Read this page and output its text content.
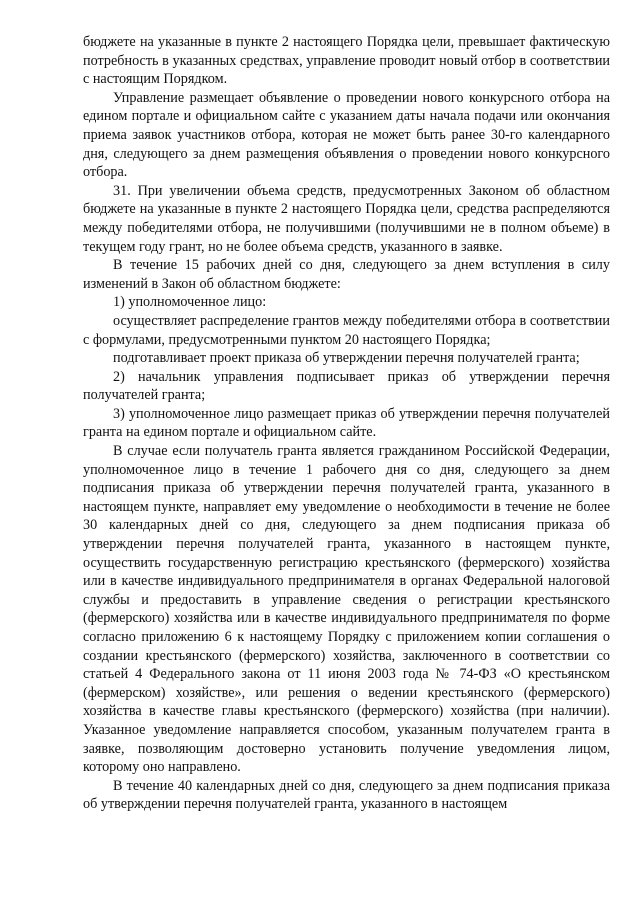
бюджете на указанные в пункте 2 настоящего Порядка цели, превышает фактическую потребность в указанных средствах, управление проводит новый отбор в соответствии с настоящим Порядком.

Управление размещает объявление о проведении нового конкурсного отбора на едином портале и официальном сайте с указанием даты начала подачи или окончания приема заявок участников отбора, которая не может быть ранее 30-го календарного дня, следующего за днем размещения объявления о проведении нового конкурсного отбора.

31. При увеличении объема средств, предусмотренных Законом об областном бюджете на указанные в пункте 2 настоящего Порядка цели, средства распределяются между победителями отбора, не получившими (получившими не в полном объеме) в текущем году грант, но не более объема средств, указанного в заявке.

В течение 15 рабочих дней со дня, следующего за днем вступления в силу изменений в Закон об областном бюджете:

1) уполномоченное лицо:

осуществляет распределение грантов между победителями отбора в соответствии с формулами, предусмотренными пунктом 20 настоящего Порядка;

подготавливает проект приказа об утверждении перечня получателей гранта;

2) начальник управления подписывает приказ об утверждении перечня получателей гранта;

3) уполномоченное лицо размещает приказ об утверждении перечня получателей гранта на едином портале и официальном сайте.

В случае если получатель гранта является гражданином Российской Федерации, уполномоченное лицо в течение 1 рабочего дня со дня, следующего за днем подписания приказа об утверждении перечня получателей гранта, указанного в настоящем пункте, направляет ему уведомление о необходимости в течение не более 30 календарных дней со дня, следующего за днем подписания приказа об утверждении перечня получателей гранта, указанного в настоящем пункте, осуществить государственную регистрацию крестьянского (фермерского) хозяйства или в качестве индивидуального предпринимателя в органах Федеральной налоговой службы и предоставить в управление сведения о регистрации крестьянского (фермерского) хозяйства или в качестве индивидуального предпринимателя по форме согласно приложению 6 к настоящему Порядку с приложением копии соглашения о создании крестьянского (фермерского) хозяйства, заключенного в соответствии со статьей 4 Федерального закона от 11 июня 2003 года № 74-ФЗ «О крестьянском (фермерском) хозяйстве», или решения о ведении крестьянского (фермерского) хозяйства в качестве главы крестьянского (фермерского) хозяйства (при наличии). Указанное уведомление направляется способом, указанным получателем гранта в заявке, позволяющим достоверно установить получение уведомления лицом, которому оно направлено.

В течение 40 календарных дней со дня, следующего за днем подписания приказа об утверждении перечня получателей гранта, указанного в настоящем
